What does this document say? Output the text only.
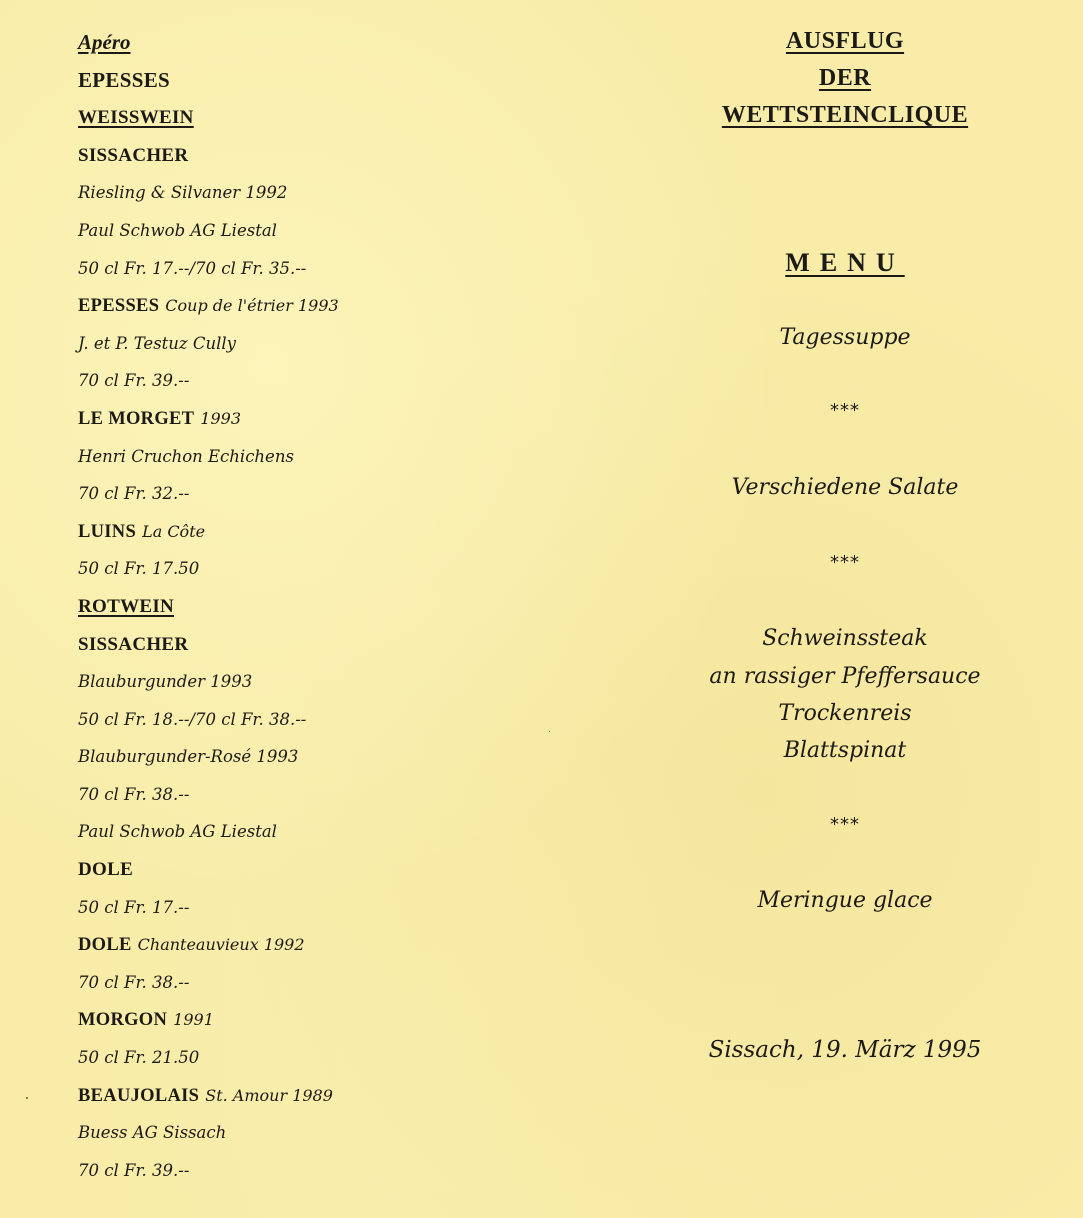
Apéro
EPESSES
WEISSWEIN
SISSACHER
Riesling & Silvaner 1992
Paul Schwob AG Liestal
50 cl Fr. 17.--/70 cl Fr. 35.--
EPESSES Coup de l'étrier 1993
J. et P. Testuz Cully
70 cl Fr. 39.--
LE MORGET 1993
Henri Cruchon Echichens
70 cl Fr. 32.--
LUINS La Côte
50 cl Fr. 17.50
ROTWEIN
SISSACHER
Blauburgunder 1993
50 cl Fr. 18.--/70 cl Fr. 38.--
Blauburgunder-Rosé 1993
70 cl Fr. 38.--
Paul Schwob AG Liestal
DOLE
50 cl Fr. 17.--
DOLE Chanteauvieux 1992
70 cl Fr. 38.--
MORGON 1991
50 cl Fr. 21.50
BEAUJOLAIS St. Amour 1989
Buess AG Sissach
70 cl Fr. 39.--
AUSFLUG
DER
WETTSTEINCLIQUE
MENU
Tagessuppe
***
Verschiedene Salate
***
Schweinssteak
an rassiger Pfeffersauce
Trockenreis
Blattspinat
***
Meringue glace
Sissach, 19. März 1995
